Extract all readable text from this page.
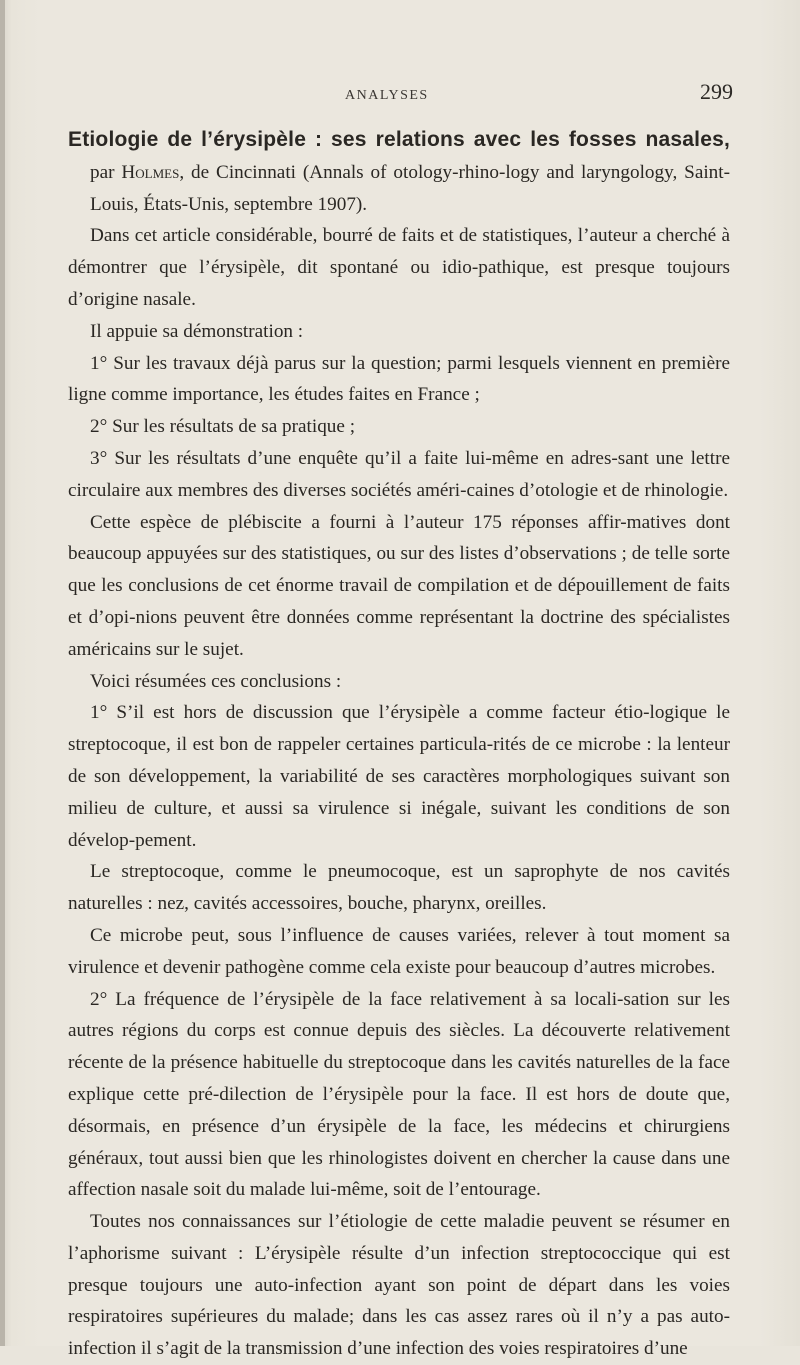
ANALYSES	299

Etiologie de l’érysipèle : ses relations avec les fosses nasales, par Holmes, de Cincinnati (Annals of otology-rhino-logy and laryngology, Saint-Louis, États-Unis, septembre 1907).

Dans cet article considérable, bourré de faits et de statistiques, l’auteur a cherché à démontrer que l’érysipèle, dit spontané ou idio-pathique, est presque toujours d’origine nasale.

Il appuie sa démonstration :

1° Sur les travaux déjà parus sur la question; parmi lesquels viennent en première ligne comme importance, les études faites en France ;

2° Sur les résultats de sa pratique ;

3° Sur les résultats d’une enquête qu’il a faite lui-même en adres-sant une lettre circulaire aux membres des diverses sociétés améri-caines d’otologie et de rhinologie.

Cette espèce de plébiscite a fourni à l’auteur 175 réponses affir-matives dont beaucoup appuyées sur des statistiques, ou sur des listes d’observations ; de telle sorte que les conclusions de cet énorme travail de compilation et de dépouillement de faits et d’opi-nions peuvent être données comme représentant la doctrine des spécialistes américains sur le sujet.

Voici résumées ces conclusions :

1° S’il est hors de discussion que l’érysipèle a comme facteur étio-logique le streptocoque, il est bon de rappeler certaines particula-rités de ce microbe : la lenteur de son développement, la variabilité de ses caractères morphologiques suivant son milieu de culture, et aussi sa virulence si inégale, suivant les conditions de son dévelop-pement.

Le streptocoque, comme le pneumocoque, est un saprophyte de nos cavités naturelles : nez, cavités accessoires, bouche, pharynx, oreilles.

Ce microbe peut, sous l’influence de causes variées, relever à tout moment sa virulence et devenir pathogène comme cela existe pour beaucoup d’autres microbes.

2° La fréquence de l’érysipèle de la face relativement à sa locali-sation sur les autres régions du corps est connue depuis des siècles. La découverte relativement récente de la présence habituelle du streptocoque dans les cavités naturelles de la face explique cette pré-dilection de l’érysipèle pour la face. Il est hors de doute que, désormais, en présence d’un érysipèle de la face, les médecins et chirurgiens généraux, tout aussi bien que les rhinologistes doivent en chercher la cause dans une affection nasale soit du malade lui-même, soit de l’entourage.

Toutes nos connaissances sur l’étiologie de cette maladie peuvent se résumer en l’aphorisme suivant : L’érysipèle résulte d’un infection streptococcique qui est presque toujours une auto-infection ayant son point de départ dans les voies respiratoires supérieures du malade; dans les cas assez rares où il n’y a pas auto-infection il s’agit de la transmission d’une infection des voies respiratoires d’une
